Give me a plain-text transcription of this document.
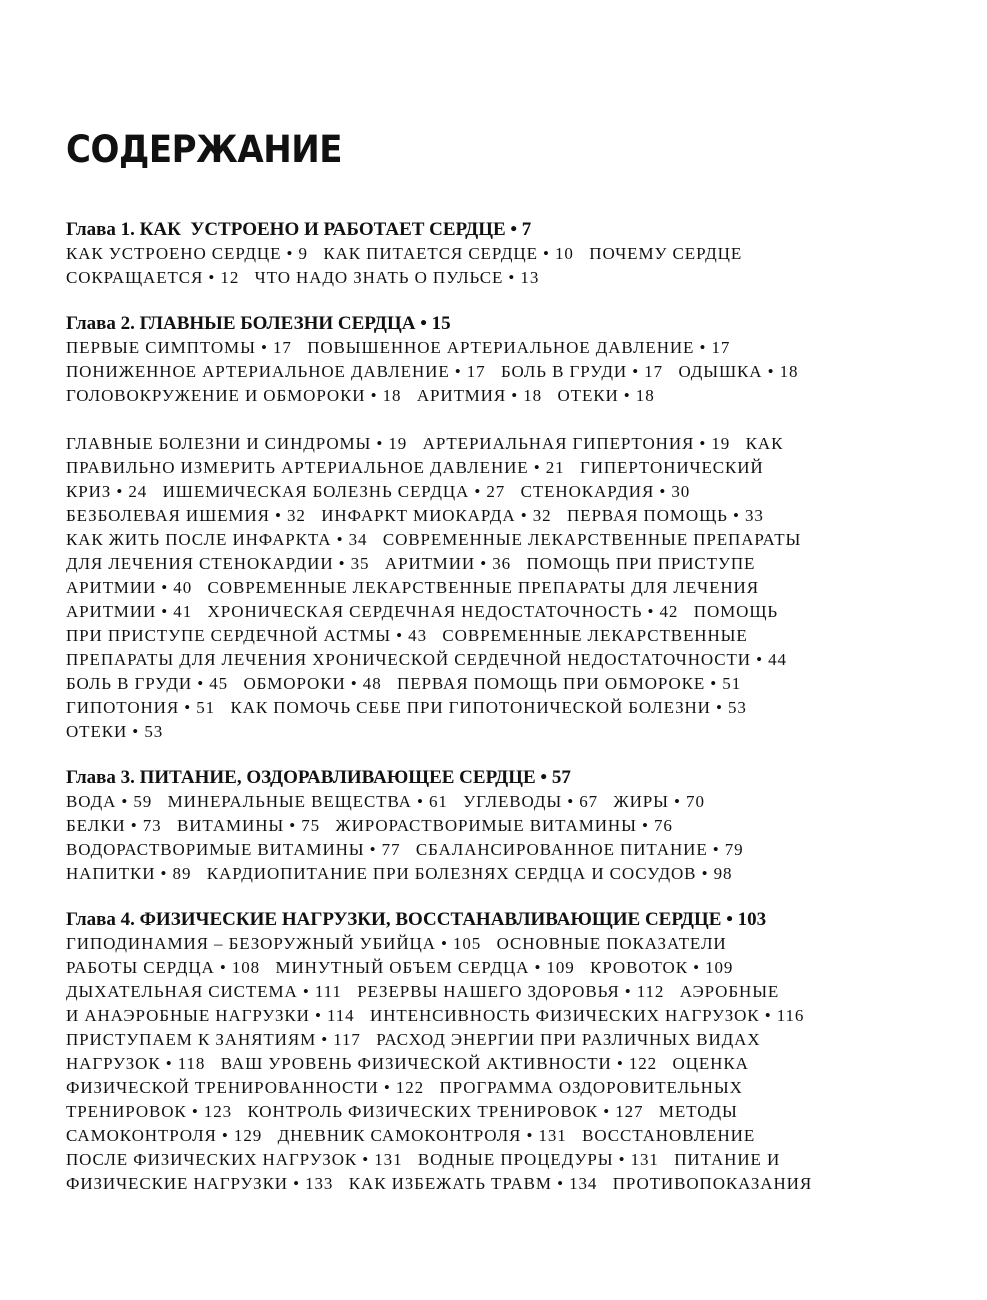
СОДЕРЖАНИЕ
Глава 1. КАК  УСТРОЕНО И РАБОТАЕТ СЕРДЦЕ • 7
КАК УСТРОЕНО СЕРДЦЕ • 9   КАК ПИТАЕТСЯ СЕРДЦЕ • 10   ПОЧЕМУ СЕРДЦЕ
СОКРАЩАЕТСЯ • 12   ЧТО НАДО ЗНАТЬ О ПУЛЬСЕ • 13
Глава 2. ГЛАВНЫЕ БОЛЕЗНИ СЕРДЦА • 15
ПЕРВЫЕ СИМПТОМЫ • 17   ПОВЫШЕННОЕ АРТЕРИАЛЬНОЕ ДАВЛЕНИЕ • 17
ПОНИЖЕННОЕ АРТЕРИАЛЬНОЕ ДАВЛЕНИЕ • 17   БОЛЬ В ГРУДИ • 17   ОДЫШКА • 18
ГОЛОВОКРУЖЕНИЕ И ОБМОРОКИ • 18   АРИТМИЯ • 18   ОТЕКИ • 18
ГЛАВНЫЕ БОЛЕЗНИ И СИНДРОМЫ • 19   АРТЕРИАЛЬНАЯ ГИПЕРТОНИЯ • 19   КАК
ПРАВИЛЬНО ИЗМЕРИТЬ АРТЕРИАЛЬНОЕ ДАВЛЕНИЕ • 21   ГИПЕРТОНИЧЕСКИЙ
КРИЗ • 24   ИШЕМИЧЕСКАЯ БОЛЕЗНЬ СЕРДЦА • 27   СТЕНОКАРДИЯ • 30
БЕЗБОЛЕВАЯ ИШЕМИЯ • 32   ИНФАРКТ МИОКАРДА • 32   ПЕРВАЯ ПОМОЩЬ • 33
КАК ЖИТЬ ПОСЛЕ ИНФАРКТА • 34   СОВРЕМЕННЫЕ ЛЕКАРСТВЕННЫЕ ПРЕПАРАТЫ
ДЛЯ ЛЕЧЕНИЯ СТЕНОКАРДИИ • 35   АРИТМИИ • 36   ПОМОЩЬ ПРИ ПРИСТУПЕ
АРИТМИИ • 40   СОВРЕМЕННЫЕ ЛЕКАРСТВЕННЫЕ ПРЕПАРАТЫ ДЛЯ ЛЕЧЕНИЯ
АРИТМИИ • 41   ХРОНИЧЕСКАЯ СЕРДЕЧНАЯ НЕДОСТАТОЧНОСТЬ • 42   ПОМОЩЬ
ПРИ ПРИСТУПЕ СЕРДЕЧНОЙ АСТМЫ • 43   СОВРЕМЕННЫЕ ЛЕКАРСТВЕННЫЕ
ПРЕПАРАТЫ ДЛЯ ЛЕЧЕНИЯ ХРОНИЧЕСКОЙ СЕРДЕЧНОЙ НЕДОСТАТОЧНОСТИ • 44
БОЛЬ В ГРУДИ • 45   ОБМОРОКИ • 48   ПЕРВАЯ ПОМОЩЬ ПРИ ОБМОРОКЕ • 51
ГИПОТОНИЯ • 51   КАК ПОМОЧЬ СЕБЕ ПРИ ГИПОТОНИЧЕСКОЙ БОЛЕЗНИ • 53
ОТЕКИ • 53
Глава 3. ПИТАНИЕ, ОЗДОРАВЛИВАЮЩЕЕ СЕРДЦЕ • 57
ВОДА • 59   МИНЕРАЛЬНЫЕ ВЕЩЕСТВА • 61   УГЛЕВОДЫ • 67   ЖИРЫ • 70
БЕЛКИ • 73   ВИТАМИНЫ • 75   ЖИРОРАСТВОРИМЫЕ ВИТАМИНЫ • 76
ВОДОРАСТВОРИМЫЕ ВИТАМИНЫ • 77   СБАЛАНСИРОВАННОЕ ПИТАНИЕ • 79
НАПИТКИ • 89   КАРДИОПИТАНИЕ ПРИ БОЛЕЗНЯХ СЕРДЦА И СОСУДОВ • 98
Глава 4. ФИЗИЧЕСКИЕ НАГРУЗКИ, ВОССТАНАВЛИВАЮЩИЕ СЕРДЦЕ • 103
ГИПОДИНАМИЯ – БЕЗОРУЖНЫЙ УБИЙЦА • 105   ОСНОВНЫЕ ПОКАЗАТЕЛИ
РАБОТЫ СЕРДЦА • 108   МИНУТНЫЙ ОБЪЕМ СЕРДЦА • 109   КРОВОТОК • 109
ДЫХАТЕЛЬНАЯ СИСТЕМА • 111   РЕЗЕРВЫ НАШЕГО ЗДОРОВЬЯ • 112   АЭРОБНЫЕ
И АНАЭРОБНЫЕ НАГРУЗКИ • 114   ИНТЕНСИВНОСТЬ ФИЗИЧЕСКИХ НАГРУЗОК • 116
ПРИСТУПАЕМ К ЗАНЯТИЯМ • 117   РАСХОД ЭНЕРГИИ ПРИ РАЗЛИЧНЫХ ВИДАХ
НАГРУЗОК • 118   ВАШ УРОВЕНЬ ФИЗИЧЕСКОЙ АКТИВНОСТИ • 122   ОЦЕНКА
ФИЗИЧЕСКОЙ ТРЕНИРОВАННОСТИ • 122   ПРОГРАММА ОЗДОРОВИТЕЛЬНЫХ
ТРЕНИРОВОК • 123   КОНТРОЛЬ ФИЗИЧЕСКИХ ТРЕНИРОВОК • 127   МЕТОДЫ
САМОКОНТРОЛЯ • 129   ДНЕВНИК САМОКОНТРОЛЯ • 131   ВОССТАНОВЛЕНИЕ
ПОСЛЕ ФИЗИЧЕСКИХ НАГРУЗОК • 131   ВОДНЫЕ ПРОЦЕДУРЫ • 131   ПИТАНИЕ И
ФИЗИЧЕСКИЕ НАГРУЗКИ • 133   КАК ИЗБЕЖАТЬ ТРАВМ • 134   ПРОТИВОПОКАЗАНИЯ
